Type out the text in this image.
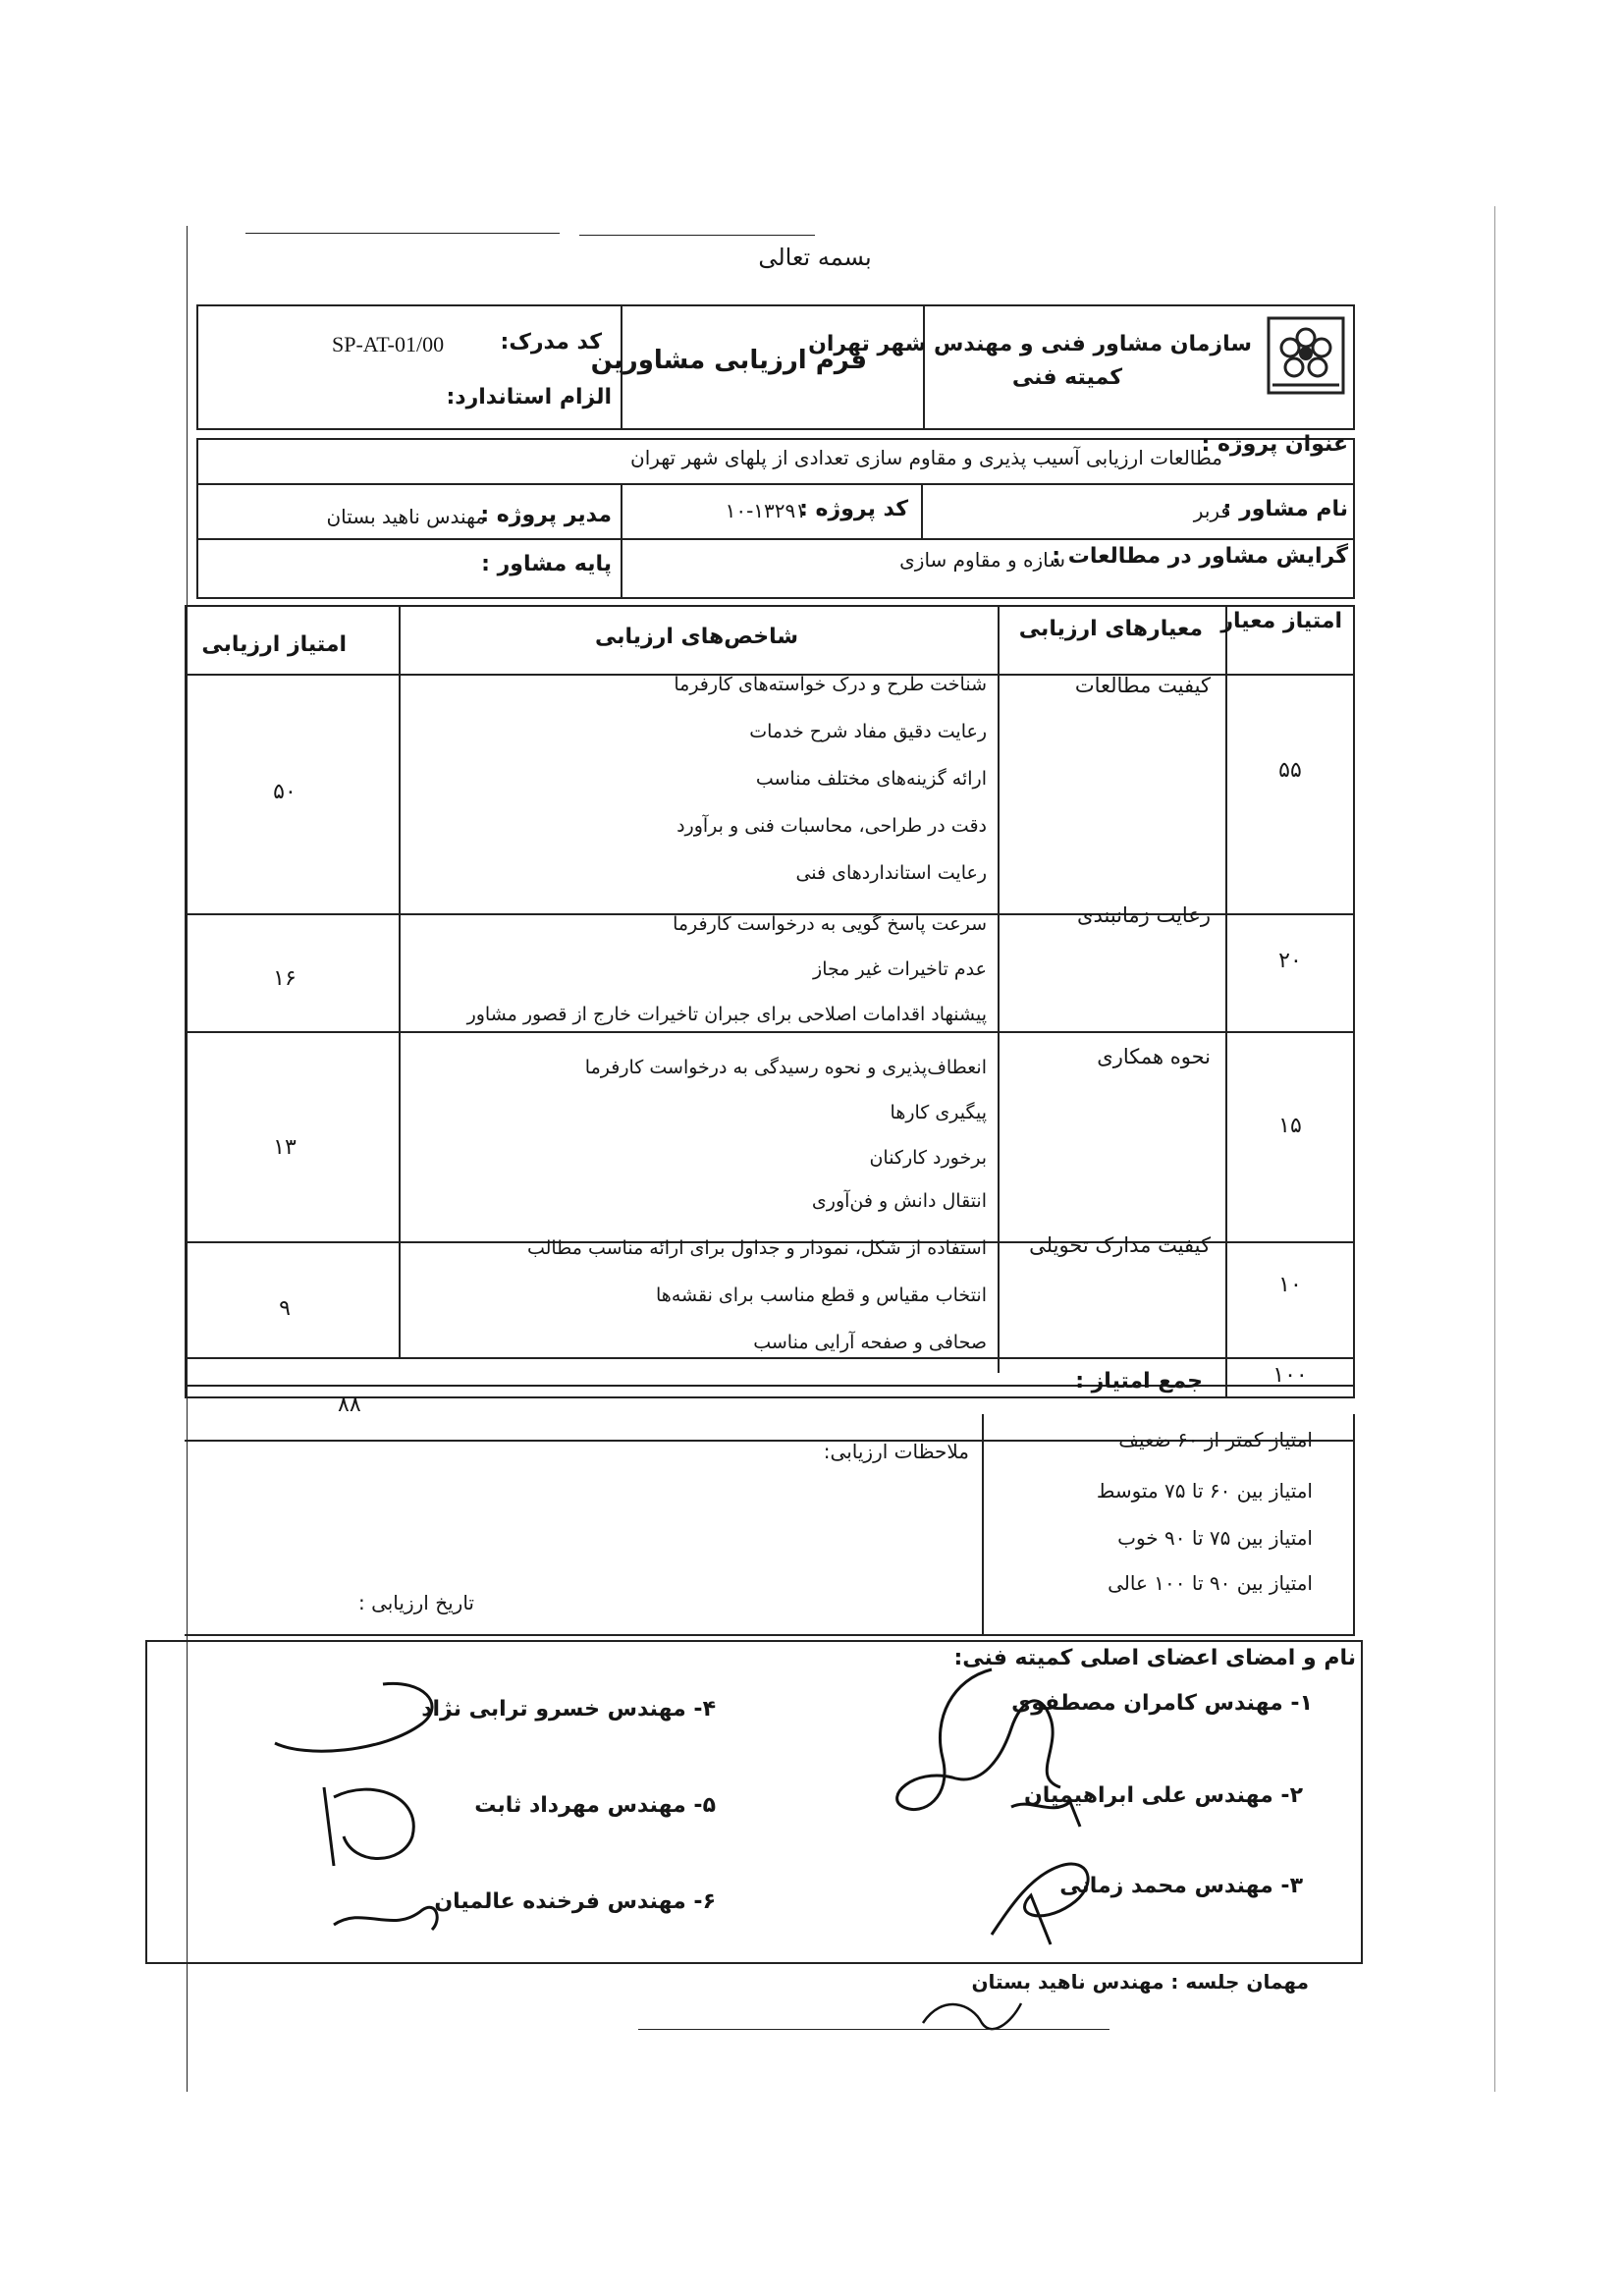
بسمه تعالی
سازمان مشاور فنی و مهندس شهر تهران
کمیته فنی
فرم ارزیابی مشاورین
کد مدرک:
SP-AT-01/00
الزام استاندارد:
عنوان پروژه :
مطالعات ارزیابی آسیب پذیری و مقاوم سازی تعدادی از پلهای شهر تهران
نام مشاور :
فربر
کد پروژه :
۱۰-۱۳۲۹۱
مدیر پروژه :
مهندس ناهید بستان
گرایش مشاور در مطالعات :
سازه و مقاوم سازی
پایه مشاور :
امتیاز معیار
معیارهای ارزیابی
شاخص‌های ارزیابی
امتیاز ارزیابی
۵۵
کیفیت مطالعات
شناخت طرح و درک خواسته‌های کارفرما
رعایت دقیق مفاد شرح خدمات
ارائه گزینه‌های مختلف مناسب
دقت در طراحی، محاسبات فنی و برآورد
رعایت استانداردهای فنی
۵۰
۲۰
رعایت زمانبندی
سرعت پاسخ گویی به درخواست کارفرما
عدم تاخیرات غیر مجاز
پیشنهاد اقدامات اصلاحی برای جبران تاخیرات خارج از قصور مشاور
۱۶
۱۵
نحوه همکاری
انعطاف‌پذیری و نحوه رسیدگی به درخواست کارفرما
پیگیری کارها
برخورد کارکنان
انتقال دانش و فن‌آوری
۱۳
۱۰
کیفیت مدارک تحویلی
استفاده از شکل، نمودار و جداول برای ارائه مناسب مطالب
انتخاب مقیاس و قطع مناسب برای نقشه‌ها
صحافی و صفحه آرایی مناسب
۹
۱۰۰
جمع امتیاز :
۸۸
امتیاز کمتر از ۶۰ ضعیف
امتیاز بین ۶۰ تا ۷۵ متوسط
امتیاز بین ۷۵ تا ۹۰ خوب
امتیاز بین ۹۰ تا ۱۰۰ عالی
ملاحظات ارزیابی:
تاریخ ارزیابی :
نام و امضای اعضای اصلی کمیته فنی:
۱- مهندس کامران مصطفوی
۲- مهندس علی ابراهیمیان
۳- مهندس محمد زمانی
۴- مهندس خسرو ترابی نژاد
۵- مهندس مهرداد ثابت
۶- مهندس فرخنده عالمیان
مهمان جلسه : مهندس ناهید بستان
